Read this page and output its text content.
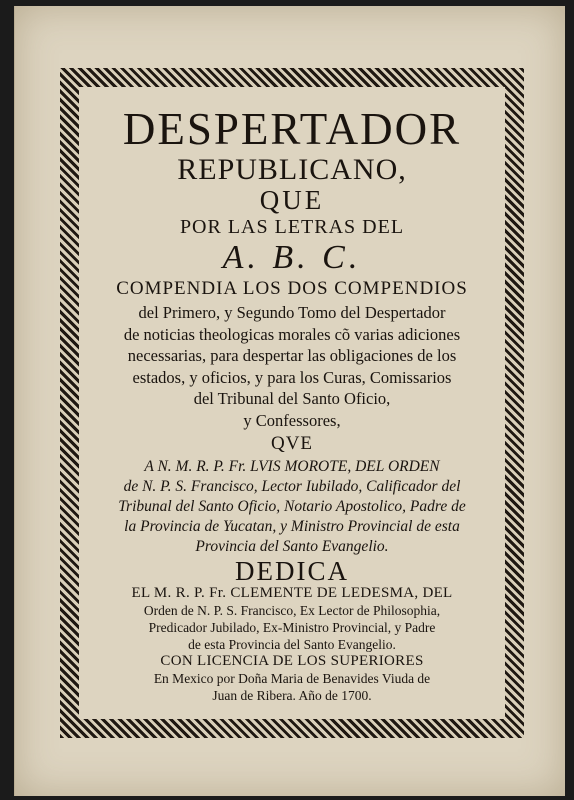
DESPERTADOR
REPUBLICANO,
QUE
POR LAS LETRAS DEL
A. B. C.
COMPENDIA LOS DOS COMPENDIOS
del Primero, y Segundo Tomo del Despertador
de noticias theologicas morales cõ varias adiciones
necessarias, para despertar las obligaciones de los
estados, y oficios, y para los Curas, Comissarios
del Tribunal del Santo Oficio,
y Confessores,
QVE
A N. M. R. P. Fr. LVIS MOROTE, DEL ORDEN
de N. P. S. Francisco, Lector Iubilado, Calificador del
Tribunal del Santo Oficio, Notario Apostolico, Padre de
la Provincia de Yucatan, y Ministro Provincial de esta
Provincia del Santo Evangelio.
DEDICA
EL M. R. P. Fr. CLEMENTE DE LEDESMA, DEL
Orden de N. P. S. Francisco, Ex Lector de Philosophia,
Predicador Jubilado, Ex-Ministro Provincial, y Padre
de esta Provincia del Santo Evangelio.
CON LICENCIA DE LOS SUPERIORES
En Mexico por Doña Maria de Benavides Viuda de
Juan de Ribera. Año de 1700.
